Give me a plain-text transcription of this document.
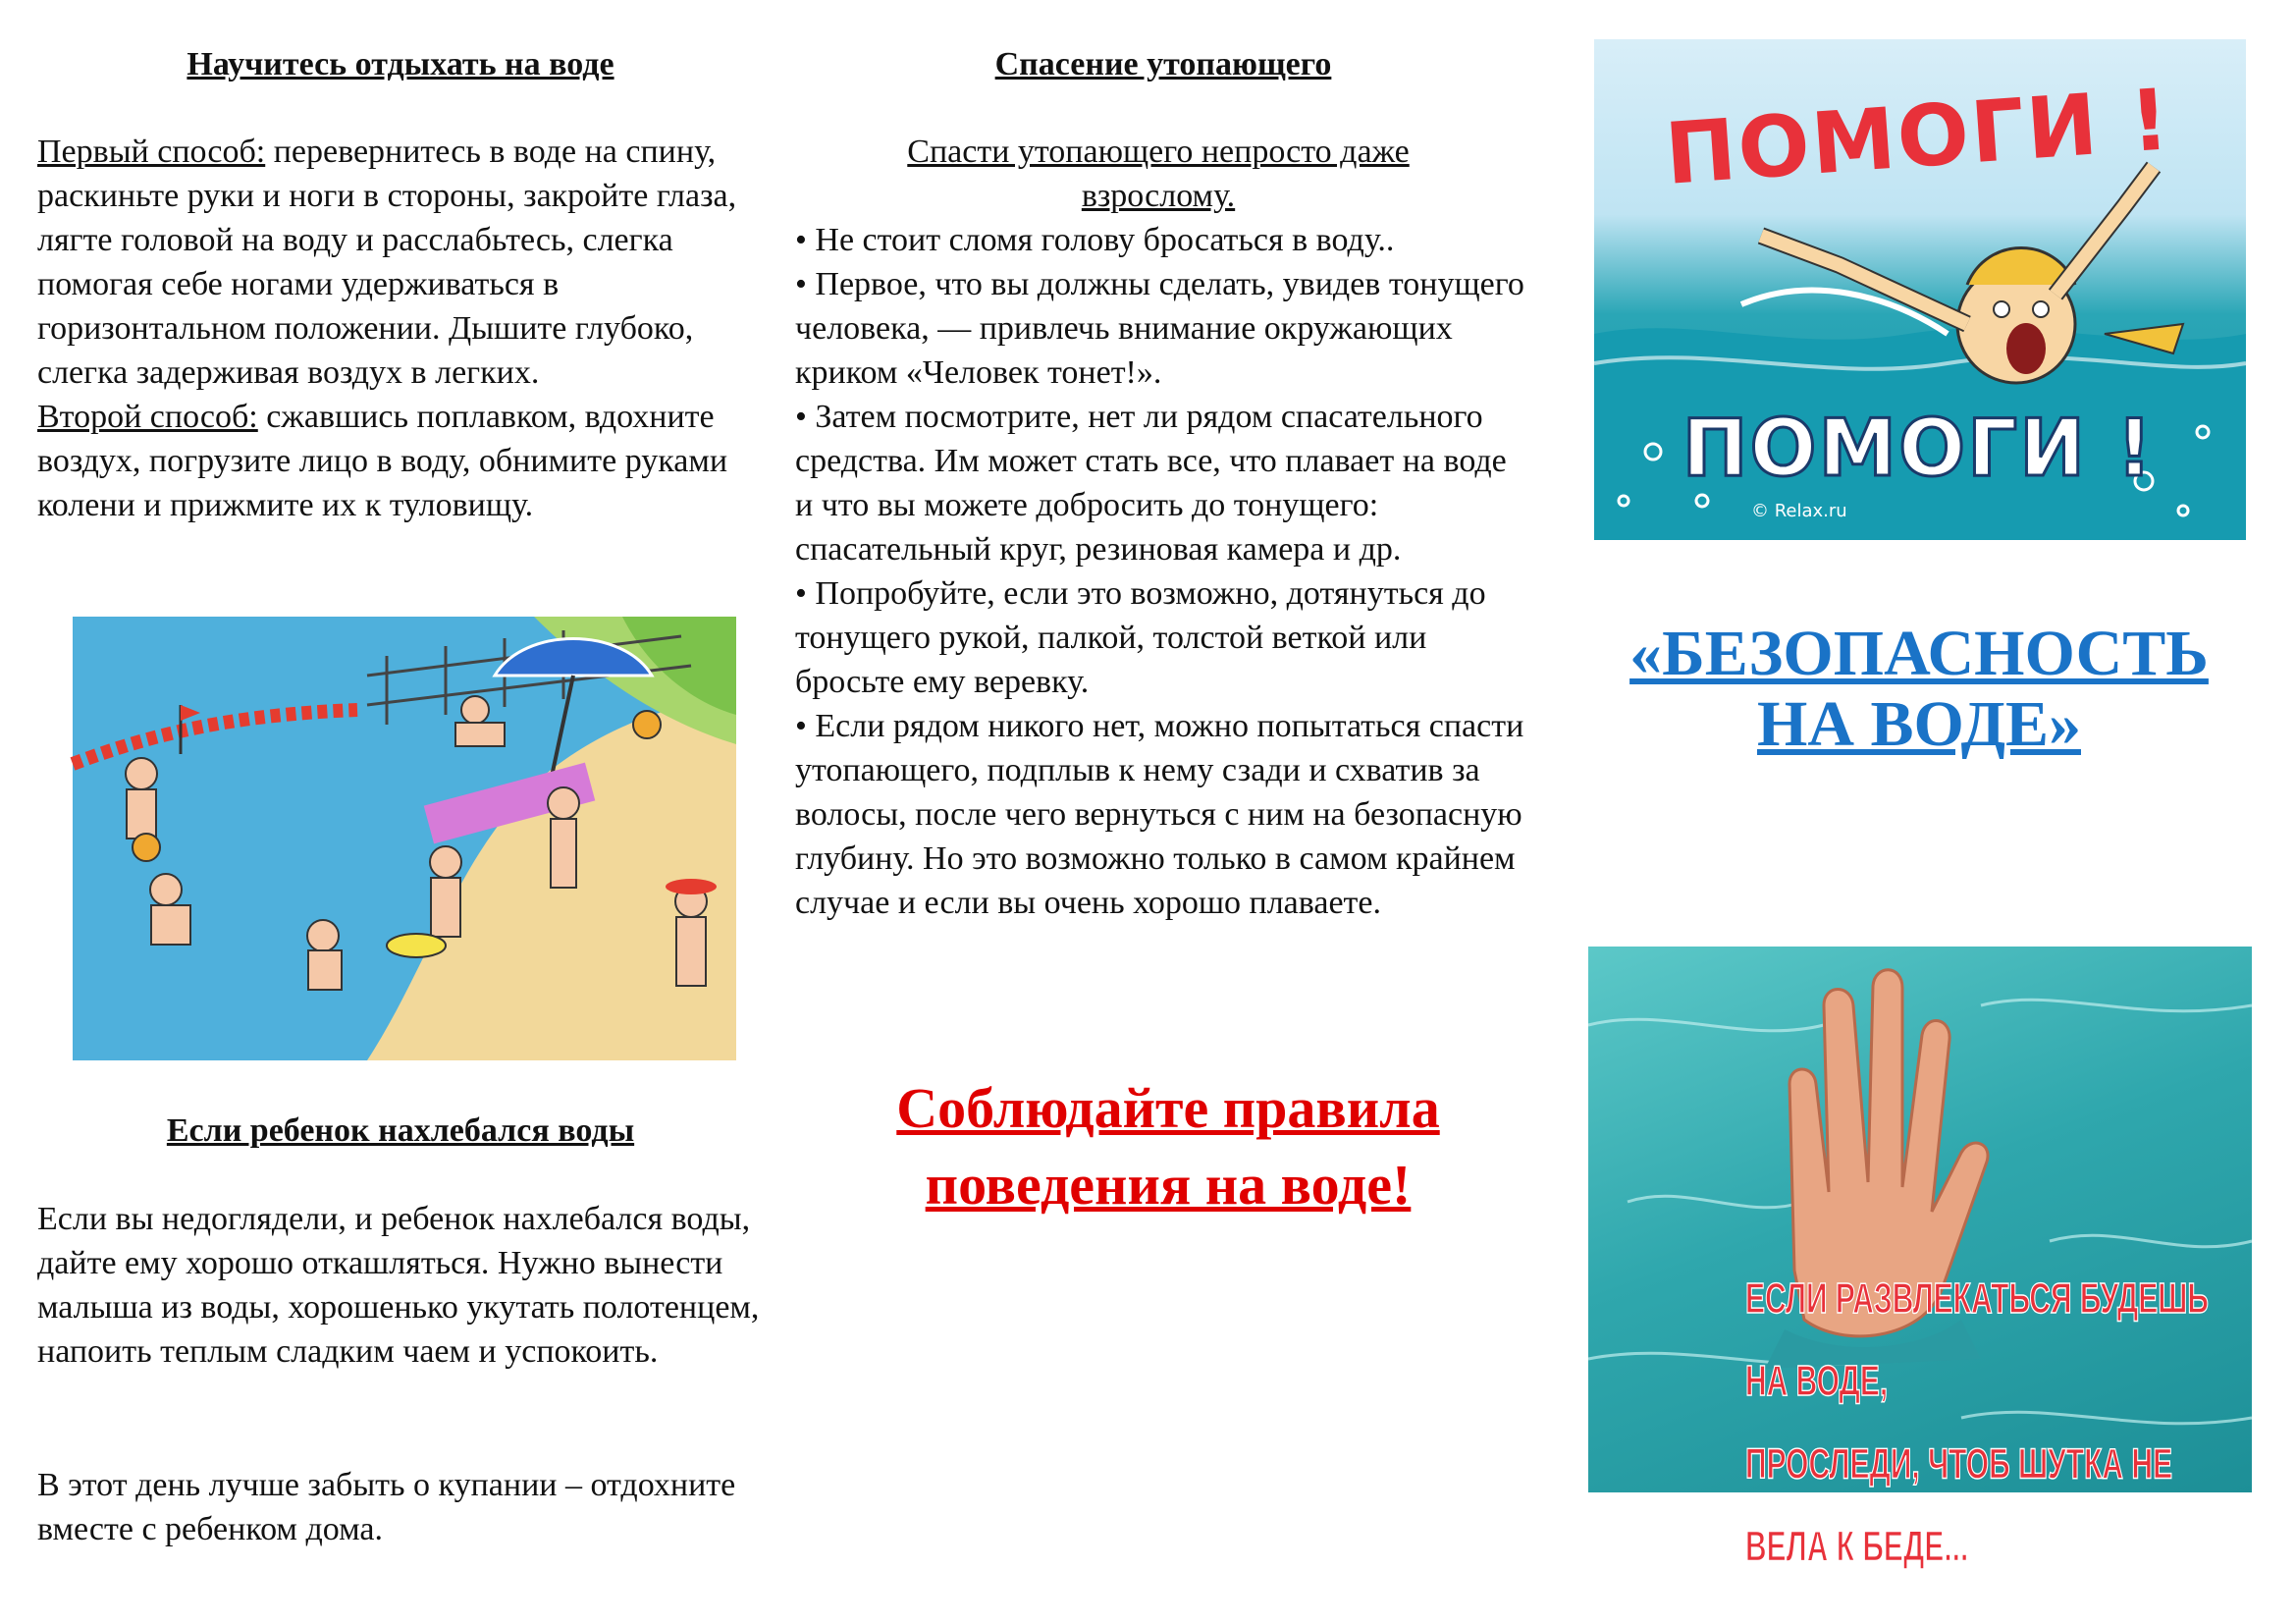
Научитесь отдыхать на воде

Первый способ: перевернитесь в воде на спину, раскиньте руки и ноги в стороны, закройте глаза, лягте головой на воду и расслабьтесь, слегка помогая себе ногами удерживаться в горизонтальном положении. Дышите глубоко, слегка задерживая воздух в легких.
Второй способ: сжавшись поплавком, вдохните воздух, погрузите лицо в воду, обнимите руками колени и прижмите их к туловищу.

Если ребенок нахлебался воды

Если вы недоглядели, и ребенок нахлебался воды, дайте ему хорошо откашляться. Нужно вынести малыша из воды, хорошенько укутать полотенцем, напоить теплым сладким чаем и успокоить.

В этот день лучше забыть о купании – отдохните вместе с ребенком дома.

Спасение утопающего

Спасти утопающего непросто даже взрослому.

• Не стоит сломя голову бросаться в воду..

• Первое, что вы должны сделать, увидев тонущего человека, — привлечь внимание окружающих криком «Человек тонет!».

• Затем посмотрите, нет ли рядом спасательного средства. Им может стать все, что плавает на воде и что вы можете добросить до тонущего: спасательный круг, резиновая камера и др.

• Попробуйте, если это возможно, дотянуться до тонущего рукой, палкой, толстой веткой или бросьте ему веревку.

• Если рядом никого нет, можно попытаться спасти утопающего, подплыв к нему сзади и схватив за волосы, после чего вернуться с ним на безопасную глубину. Но это возможно только в самом крайнем случае и если вы очень хорошо плаваете.

Соблюдайте правила
поведения на воде!
ПОМОГИ !
ПОМОГИ !
© Relax.ru
«БЕЗОПАСНОСТЬ
НА ВОДЕ»
ЕСЛИ РАЗВЛЕКАТЬСЯ БУДЕШЬ НА ВОДЕ,
ПРОСЛЕДИ, ЧТОБ ШУТКА НЕ ВЕЛА К БЕДЕ...
